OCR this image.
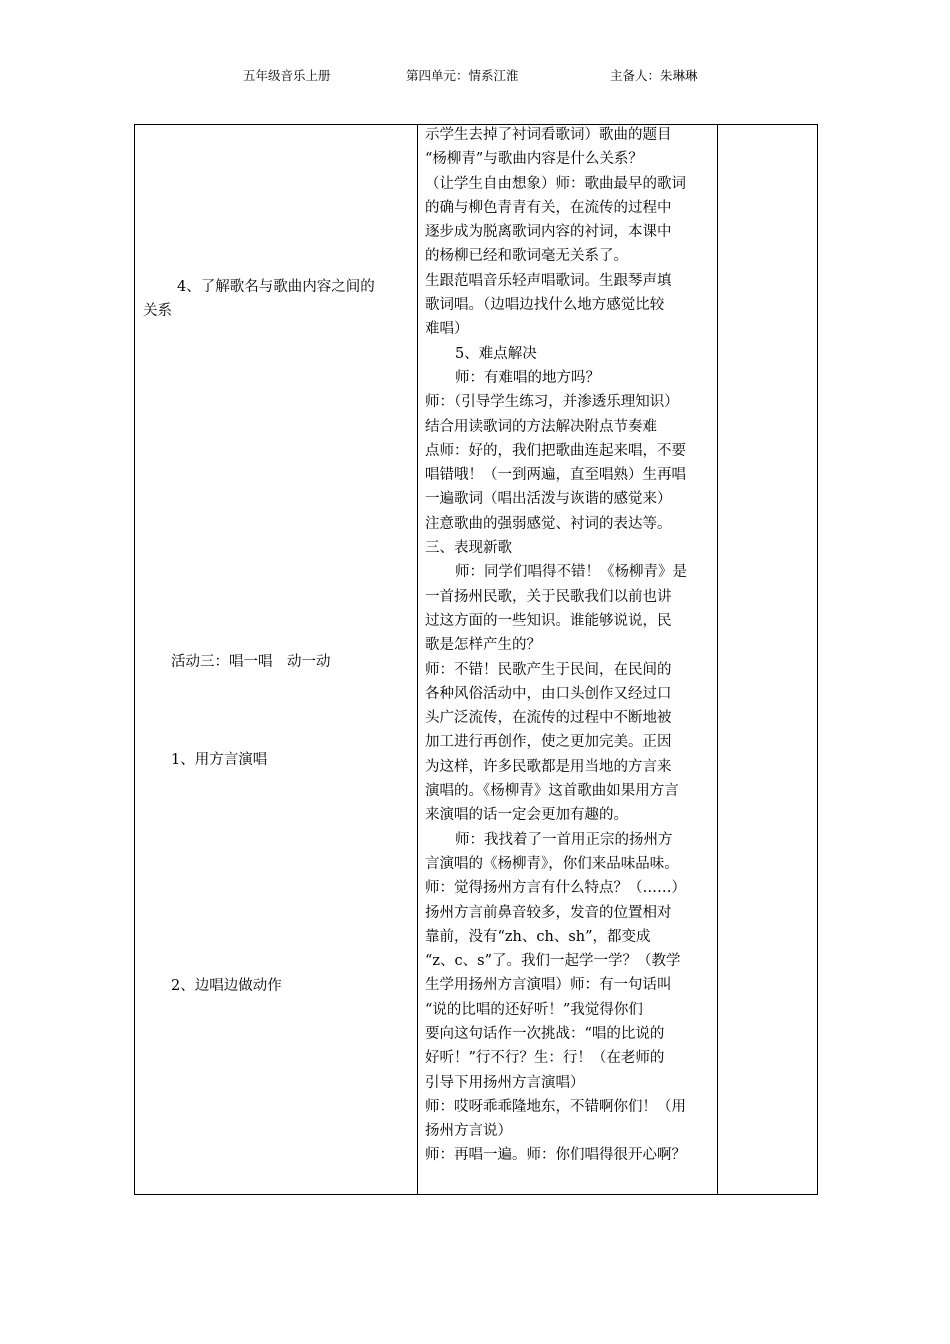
五年级音乐上册	第四单元：情系江淮	主备人：朱琳琳
4、了解歌名与歌曲内容之间的
关系
活动三：唱一唱　动一动
1、用方言演唱
2、边唱边做动作
示学生去掉了衬词看歌词）歌曲的题目
“杨柳青”与歌曲内容是什么关系？
（让学生自由想象）师：歌曲最早的歌词
的确与柳色青青有关，在流传的过程中
逐步成为脱离歌词内容的衬词，本课中
的杨柳已经和歌词毫无关系了。
生跟范唱音乐轻声唱歌词。生跟琴声填
歌词唱。（边唱边找什么地方感觉比较
难唱）
5、难点解决
师：有难唱的地方吗？
师：（引导学生练习，并渗透乐理知识）
结合用读歌词的方法解决附点节奏难
点师：好的，我们把歌曲连起来唱，不要
唱错哦！（一到两遍，直至唱熟）生再唱
一遍歌词（唱出活泼与诙谐的感觉来）
注意歌曲的强弱感觉、衬词的表达等。
三、表现新歌
师：同学们唱得不错！《杨柳青》是
一首扬州民歌，关于民歌我们以前也讲
过这方面的一些知识。谁能够说说，民
歌是怎样产生的？
师：不错！民歌产生于民间，在民间的
各种风俗活动中，由口头创作又经过口
头广泛流传，在流传的过程中不断地被
加工进行再创作，使之更加完美。正因
为这样，许多民歌都是用当地的方言来
演唱的。《杨柳青》这首歌曲如果用方言
来演唱的话一定会更加有趣的。
师：我找着了一首用正宗的扬州方
言演唱的《杨柳青》，你们来品味品味。
师：觉得扬州方言有什么特点？（……）
扬州方言前鼻音较多，发音的位置相对
靠前，没有“zh、ch、sh”，都变成
“z、c、s”了。我们一起学一学？（教学
生学用扬州方言演唱）师：有一句话叫
“说的比唱的还好听！”我觉得你们
要向这句话作一次挑战：“唱的比说的
好听！”行不行？生：行！（在老师的
引导下用扬州方言演唱）
师：哎呀乖乖隆地东，不错啊你们！（用
扬州方言说）
师：再唱一遍。师：你们唱得很开心啊？
